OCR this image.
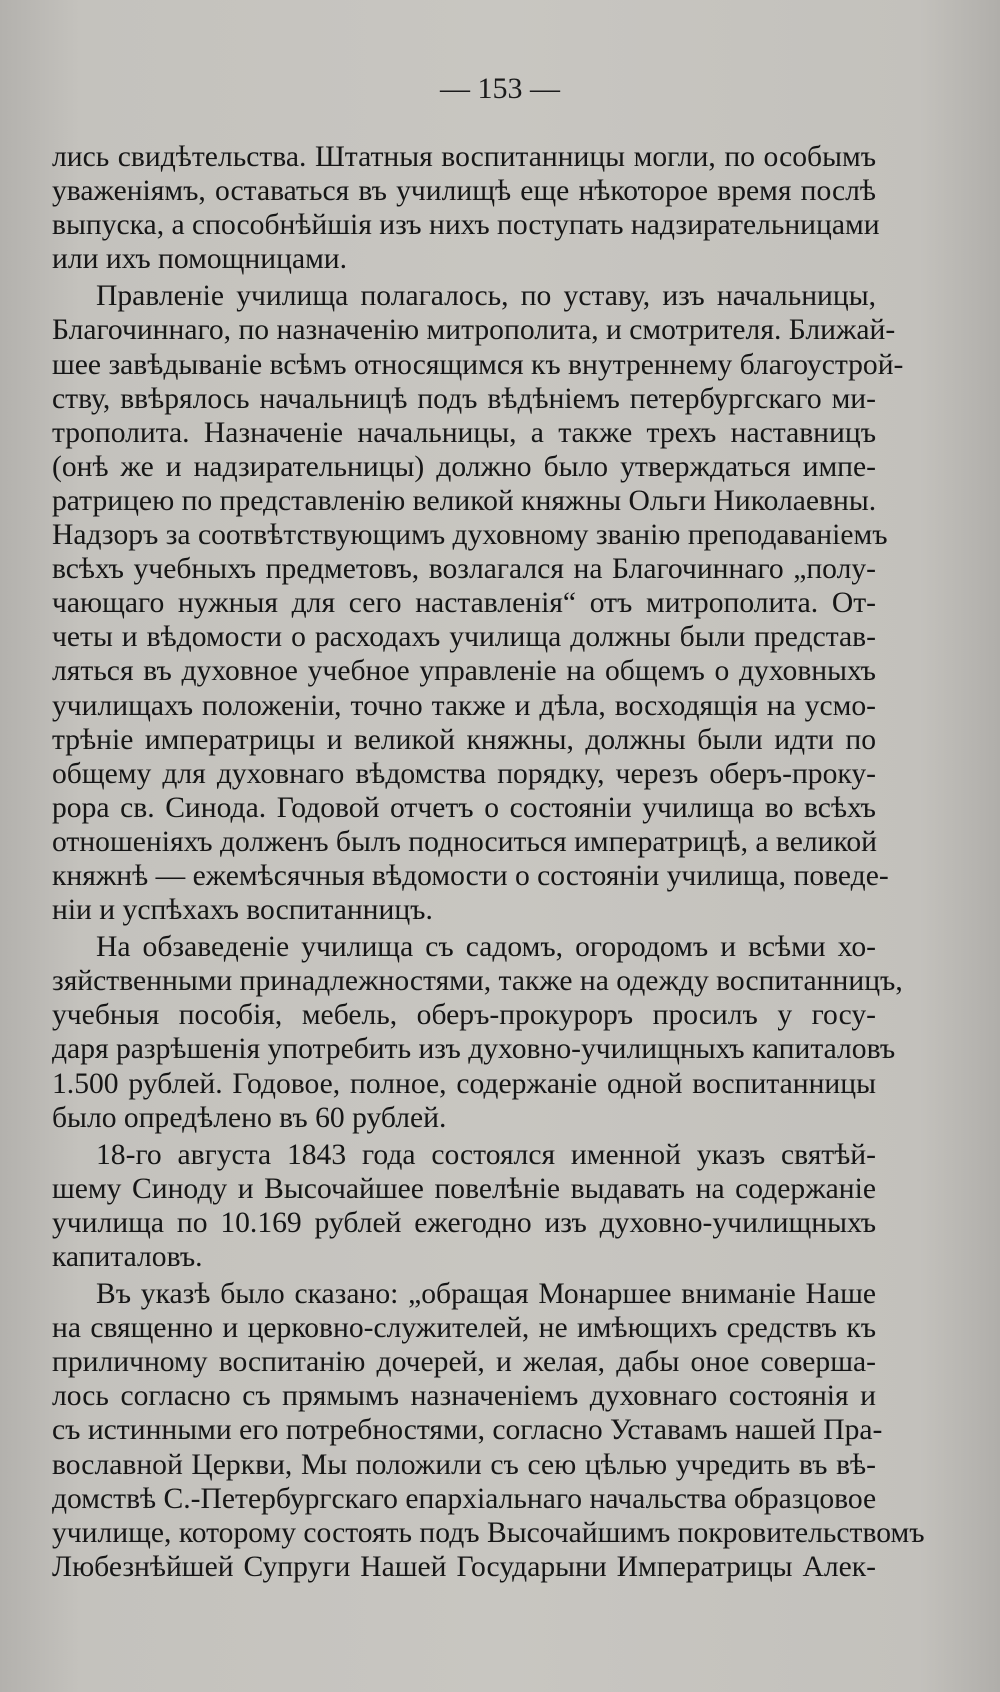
— 153 —
лись свидѣтельства. Штатныя воспитанницы могли, по особымъ
уваженіямъ, оставаться въ училищѣ еще нѣкоторое время послѣ
выпуска, а способнѣйшія изъ нихъ поступать надзирательницами
или ихъ помощницами.
Правленіе училища полагалось, по уставу, изъ начальницы,
Благочиннаго, по назначенію митрополита, и смотрителя. Ближай-
шее завѣдываніе всѣмъ относящимся къ внутреннему благоустрой-
ству, ввѣрялось начальницѣ подъ вѣдѣніемъ петербургскаго ми-
трополита. Назначеніе начальницы, а также трехъ наставницъ
(онѣ же и надзирательницы) должно было утверждаться импе-
ратрицею по представленію великой княжны Ольги Николаевны.
Надзоръ за соотвѣтствующимъ духовному званію преподаваніемъ
всѣхъ учебныхъ предметовъ, возлагался на Благочиннаго „полу-
чающаго нужныя для сего наставленія“ отъ митрополита. От-
четы и вѣдомости о расходахъ училища должны были представ-
ляться въ духовное учебное управленіе на общемъ о духовныхъ
училищахъ положеніи, точно также и дѣла, восходящія на усмо-
трѣніе императрицы и великой княжны, должны были идти по
общему для духовнаго вѣдомства порядку, черезъ оберъ-проку-
рора св. Синода. Годовой отчетъ о состояніи училища во всѣхъ
отношеніяхъ долженъ былъ подноситься императрицѣ, а великой
княжнѣ — ежемѣсячныя вѣдомости о состояніи училища, поведе-
ніи и успѣхахъ воспитанницъ.
На обзаведеніе училища съ садомъ, огородомъ и всѣми хо-
зяйственными принадлежностями, также на одежду воспитанницъ,
учебныя пособія, мебель, оберъ-прокуроръ просилъ у госу-
даря разрѣшенія употребить изъ духовно-училищныхъ капиталовъ
1.500 рублей. Годовое, полное, содержаніе одной воспитанницы
было опредѣлено въ 60 рублей.
18-го августа 1843 года состоялся именной указъ святѣй-
шему Синоду и Высочайшее повелѣніе выдавать на содержаніе
училища по 10.169 рублей ежегодно изъ духовно-училищныхъ
капиталовъ.
Въ указѣ было сказано: „обращая Монаршее вниманіе Наше
на священно и церковно-служителей, не имѣющихъ средствъ къ
приличному воспитанію дочерей, и желая, дабы оное соверша-
лось согласно съ прямымъ назначеніемъ духовнаго состоянія и
съ истинными его потребностями, согласно Уставамъ нашей Пра-
вославной Церкви, Мы положили съ сею цѣлью учредить въ вѣ-
домствѣ С.-Петербургскаго епархіальнаго начальства образцовое
училище, которому состоять подъ Высочайшимъ покровительствомъ
Любезнѣйшей Супруги Нашей Государыни Императрицы Алек-
